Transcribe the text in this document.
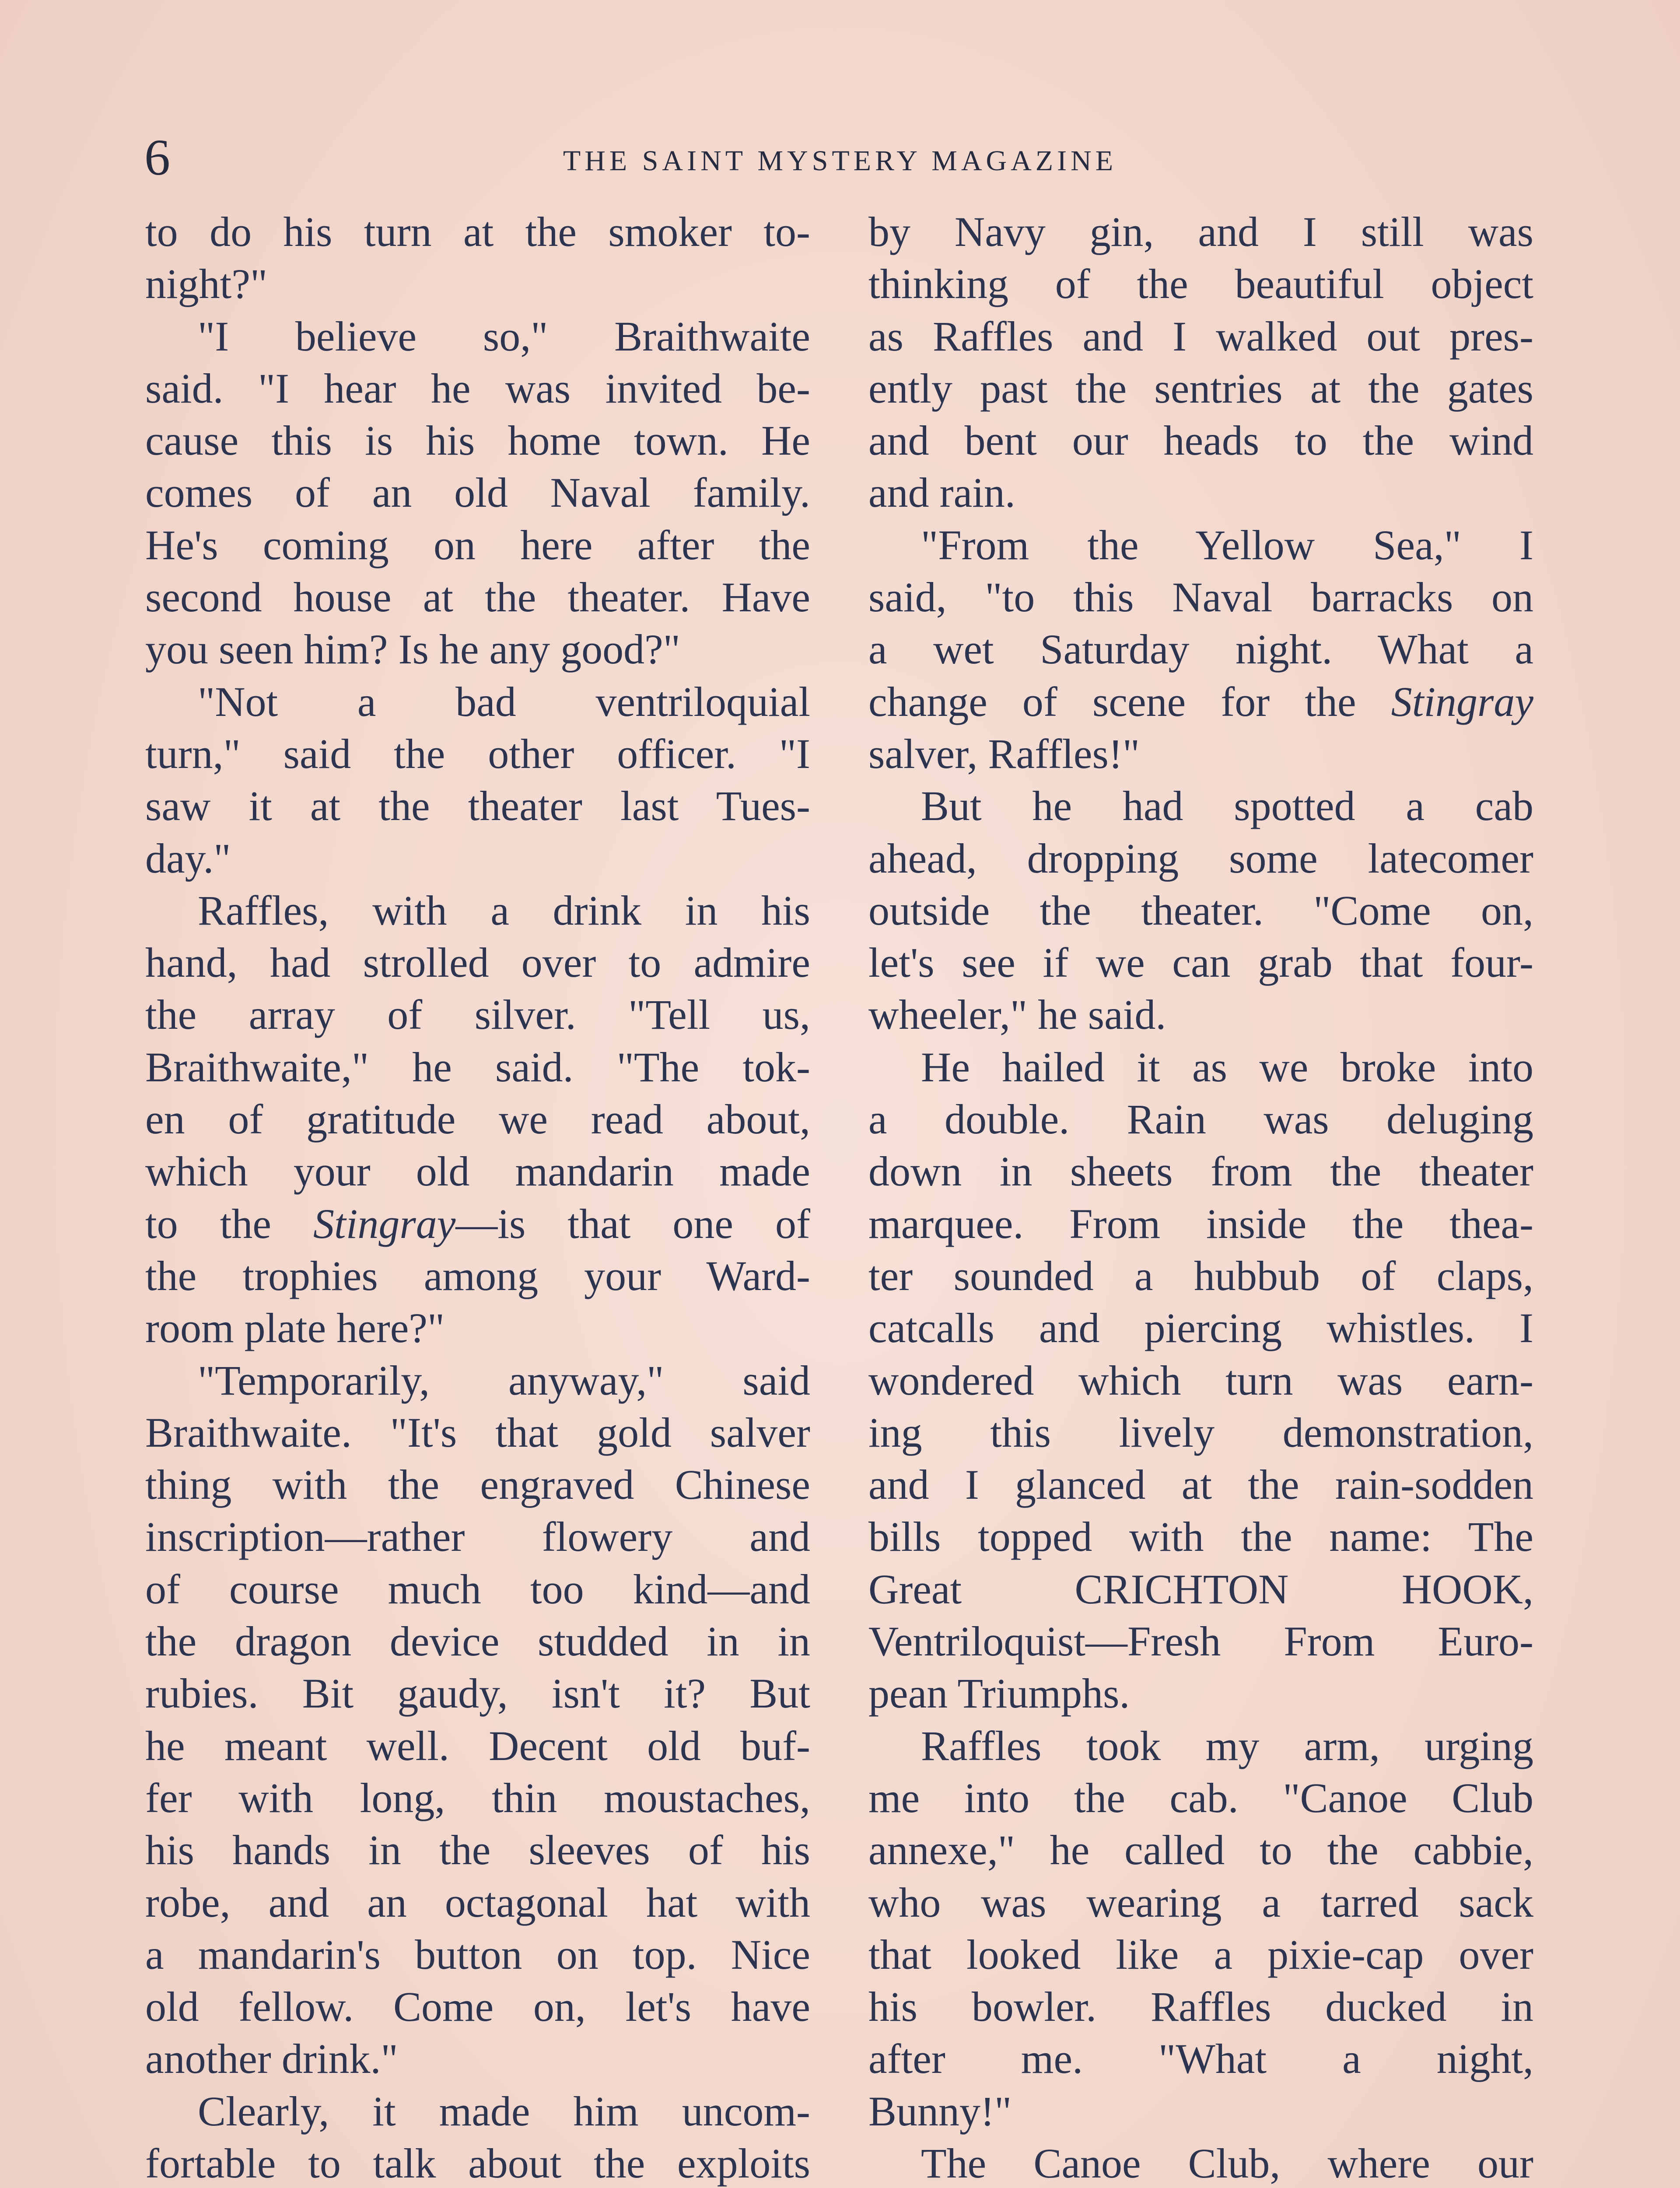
6	THE SAINT MYSTERY MAGAZINE

to do his turn at the smoker to-
night?"

"I believe so," Braithwaite
said. "I hear he was invited be-
cause this is his home town. He
comes of an old Naval family.
He's coming on here after the
second house at the theater. Have
you seen him? Is he any good?"

"Not a bad ventriloquial
turn," said the other officer. "I
saw it at the theater last Tues-
day."

Raffles, with a drink in his
hand, had strolled over to admire
the array of silver. "Tell us,
Braithwaite," he said. "The tok-
en of gratitude we read about,
which your old mandarin made
to the Stingray—is that one of
the trophies among your Ward-
room plate here?"

"Temporarily, anyway," said
Braithwaite. "It's that gold salver
thing with the engraved Chinese
inscription—rather flowery and
of course much too kind—and
the dragon device studded in in
rubies. Bit gaudy, isn't it? But
he meant well. Decent old buf-
fer with long, thin moustaches,
his hands in the sleeves of his
robe, and an octagonal hat with
a mandarin's button on top. Nice
old fellow. Come on, let's have
another drink."

Clearly, it made him uncom-
fortable to talk about the exploits

by Navy gin, and I still was
thinking of the beautiful object
as Raffles and I walked out pres-
ently past the sentries at the gates
and bent our heads to the wind
and rain.

"From the Yellow Sea," I
said, "to this Naval barracks on
a wet Saturday night. What a
change of scene for the Stingray
salver, Raffles!"

But he had spotted a cab
ahead, dropping some latecomer
outside the theater. "Come on,
let's see if we can grab that four-
wheeler," he said.

He hailed it as we broke into
a double. Rain was deluging
down in sheets from the theater
marquee. From inside the thea-
ter sounded a hubbub of claps,
catcalls and piercing whistles. I
wondered which turn was earn-
ing this lively demonstration,
and I glanced at the rain-sodden
bills topped with the name: The
Great CRICHTON HOOK,
Ventriloquist—Fresh From Euro-
pean Triumphs.

Raffles took my arm, urging
me into the cab. "Canoe Club
annexe," he called to the cabbie,
who was wearing a tarred sack
that looked like a pixie-cap over
his bowler. Raffles ducked in
after me. "What a night,
Bunny!"

The Canoe Club, where our
